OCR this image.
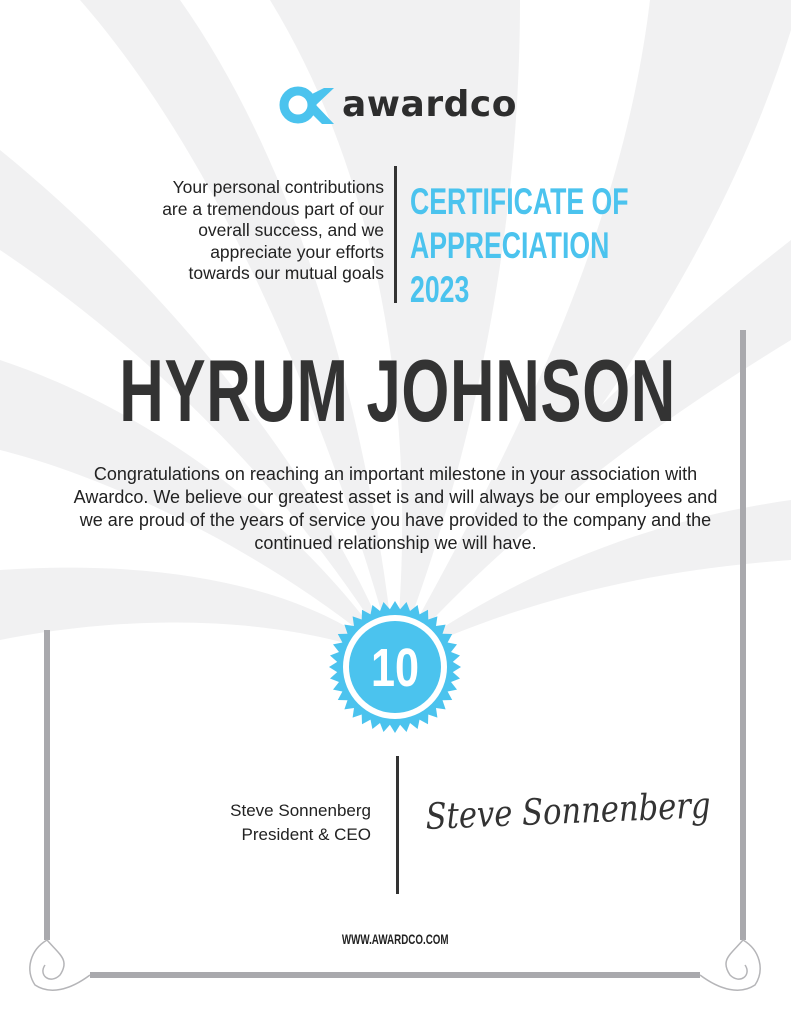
awardco
Your personal contributions
are a tremendous part of our
overall success, and we
appreciate your efforts
towards our mutual goals
CERTIFICATE OF
APPRECIATION
2023
HYRUM JOHNSON
Congratulations on reaching an important milestone in your association with Awardco. We believe our greatest asset is and will always be our employees and we are proud of the years of service you have provided to the company and the continued relationship we will have.
10
Steve Sonnenberg
President & CEO Steve Sonnenberg
WWW.AWARDCO.COM
